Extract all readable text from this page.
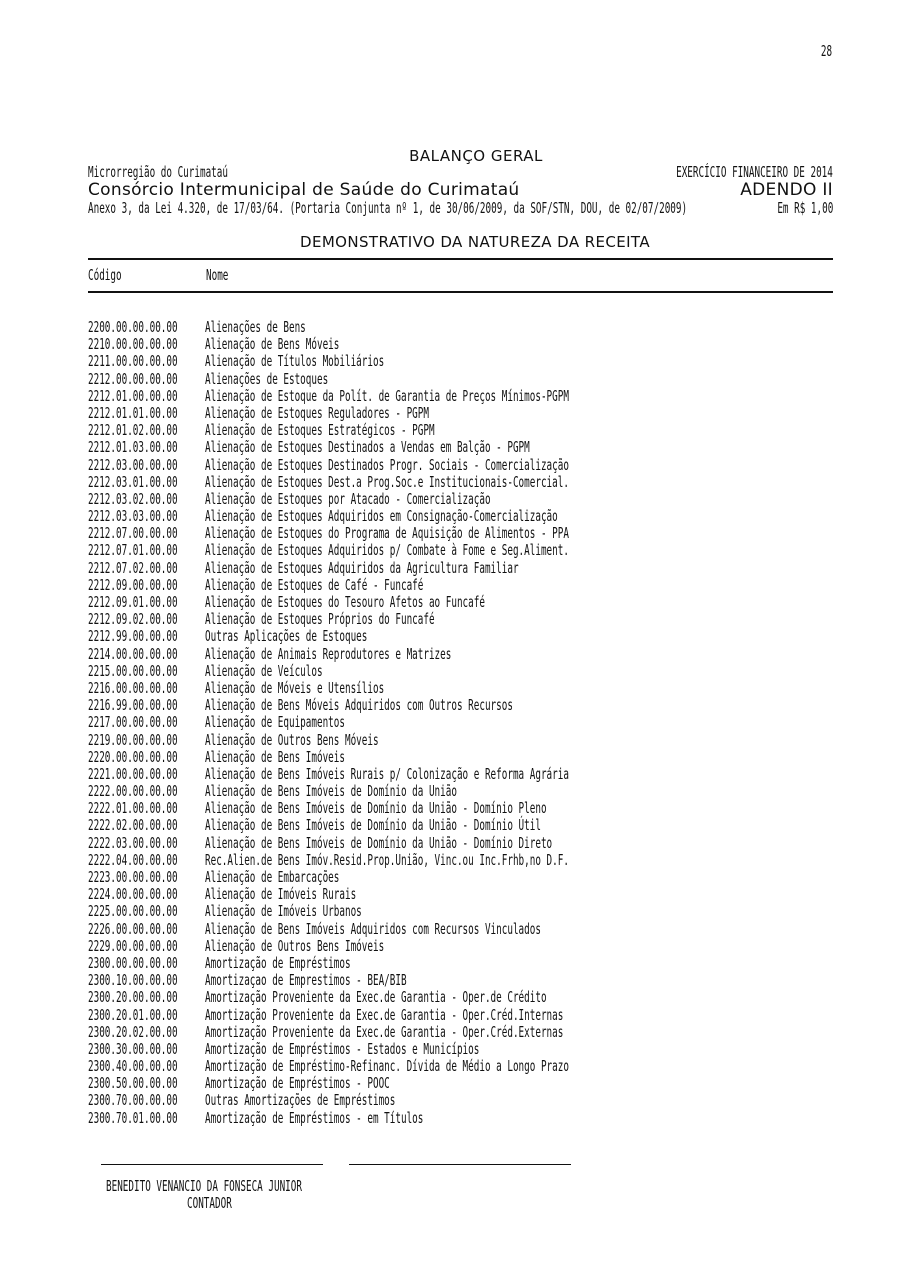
28
BALANÇO GERAL
Microrregião do Curimataú	EXERCÍCIO FINANCEIRO DE 2014
Consórcio Intermunicipal de Saúde do Curimataú	ADENDO II
Anexo 3, da Lei 4.320, de 17/03/64. (Portaria Conjunta nº 1, de 30/06/2009, da SOF/STN, DOU, de 02/07/2009)	Em R$ 1,00
DEMONSTRATIVO DA NATUREZA DA RECEITA
Código	Nome
2200.00.00.00.00 Alienações de Bens
2210.00.00.00.00 Alienação de Bens Móveis
2211.00.00.00.00 Alienação de Títulos Mobiliários
2212.00.00.00.00 Alienações de Estoques
2212.01.00.00.00 Alienação de Estoque da Polít. de Garantia de Preços Mínimos-PGPM
2212.01.01.00.00 Alienação de Estoques Reguladores - PGPM
2212.01.02.00.00 Alienação de Estoques Estratégicos - PGPM
2212.01.03.00.00 Alienação de Estoques Destinados a Vendas em Balção - PGPM
2212.03.00.00.00 Alienação de Estoques Destinados Progr. Sociais - Comercialização
2212.03.01.00.00 Alienação de Estoques Dest.a Prog.Soc.e Institucionais-Comercial.
2212.03.02.00.00 Alienação de Estoques por Atacado - Comercialização
2212.03.03.00.00 Alienação de Estoques Adquiridos em Consignação-Comercialização
2212.07.00.00.00 Alienação de Estoques do Programa de Aquisição de Alimentos - PPA
2212.07.01.00.00 Alienação de Estoques Adquiridos p/ Combate à Fome e Seg.Aliment.
2212.07.02.00.00 Alienação de Estoques Adquiridos da Agricultura Familiar
2212.09.00.00.00 Alienação de Estoques de Café - Funcafé
2212.09.01.00.00 Alienação de Estoques do Tesouro Afetos ao Funcafé
2212.09.02.00.00 Alienação de Estoques Próprios do Funcafé
2212.99.00.00.00 Outras Aplicações de Estoques
2214.00.00.00.00 Alienação de Animais Reprodutores e Matrizes
2215.00.00.00.00 Alienação de Veículos
2216.00.00.00.00 Alienação de Móveis e Utensílios
2216.99.00.00.00 Alienação de Bens Móveis Adquiridos com Outros Recursos
2217.00.00.00.00 Alienação de Equipamentos
2219.00.00.00.00 Alienação de Outros Bens Móveis
2220.00.00.00.00 Alienação de Bens Imóveis
2221.00.00.00.00 Alienação de Bens Imóveis Rurais p/ Colonização e Reforma Agrária
2222.00.00.00.00 Alienação de Bens Imóveis de Domínio da União
2222.01.00.00.00 Alienação de Bens Imóveis de Domínio da União - Domínio Pleno
2222.02.00.00.00 Alienação de Bens Imóveis de Domínio da União - Domínio Útil
2222.03.00.00.00 Alienação de Bens Imóveis de Domínio da União - Domínio Direto
2222.04.00.00.00 Rec.Alien.de Bens Imóv.Resid.Prop.União, Vinc.ou Inc.Frhb,no D.F.
2223.00.00.00.00 Alienação de Embarcações
2224.00.00.00.00 Alienação de Imóveis Rurais
2225.00.00.00.00 Alienação de Imóveis Urbanos
2226.00.00.00.00 Alienação de Bens Imóveis Adquiridos com Recursos Vinculados
2229.00.00.00.00 Alienação de Outros Bens Imóveis
2300.00.00.00.00 Amortização de Empréstimos
2300.10.00.00.00 Amortizaçao de Emprestimos - BEA/BIB
2300.20.00.00.00 Amortização Proveniente da Exec.de Garantia - Oper.de Crédito
2300.20.01.00.00 Amortização Proveniente da Exec.de Garantia - Oper.Créd.Internas
2300.20.02.00.00 Amortização Proveniente da Exec.de Garantia - Oper.Créd.Externas
2300.30.00.00.00 Amortização de Empréstimos - Estados e Municípios
2300.40.00.00.00 Amortização de Empréstimo-Refinanc. Dívida de Médio a Longo Prazo
2300.50.00.00.00 Amortização de Empréstimos - POOC
2300.70.00.00.00 Outras Amortizações de Empréstimos
2300.70.01.00.00 Amortização de Empréstimos - em Títulos
BENEDITO VENANCIO DA FONSECA JUNIOR
CONTADOR
